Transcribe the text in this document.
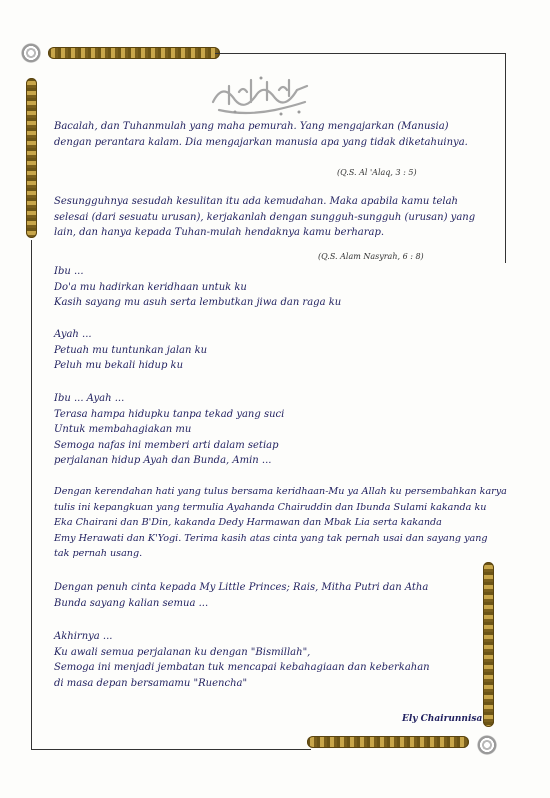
Bacalah, dan Tuhanmulah yang maha pemurah. Yang mengajarkan (Manusia)
dengan perantara kalam. Dia mengajarkan manusia apa yang tidak diketahuinya.

(Q.S. Al 'Alaq, 3 : 5)

Sesungguhnya sesudah kesulitan itu ada kemudahan. Maka apabila kamu telah
selesai (dari sesuatu urusan), kerjakanlah dengan sungguh-sungguh (urusan) yang
lain, dan hanya kepada Tuhan-mulah hendaknya kamu berharap.

(Q.S. Alam Nasyrah, 6 : 8)

Ibu ...
Do'a mu hadirkan keridhaan untuk ku
Kasih sayang mu asuh serta lembutkan jiwa dan raga ku

Ayah ...
Petuah mu tuntunkan jalan ku
Peluh mu bekali hidup ku

Ibu ... Ayah ...
Terasa hampa hidupku tanpa tekad yang suci
Untuk membahagiakan mu
Semoga nafas ini memberi arti dalam setiap
perjalanan hidup Ayah dan Bunda, Amin ...

Dengan kerendahan hati yang tulus bersama keridhaan-Mu ya Allah ku persembahkan karya
tulis ini kepangkuan yang termulia Ayahanda Chairuddin dan Ibunda Sulami kakanda ku
Eka Chairani dan B'Din, kakanda Dedy Harmawan dan Mbak Lia serta kakanda
Emy Herawati dan K'Yogi. Terima kasih atas cinta yang tak pernah usai dan sayang yang
tak pernah usang.

Dengan penuh cinta kepada My Little Princes; Rais, Mitha Putri dan Atha
Bunda sayang kalian semua ...

Akhirnya ...
Ku awali semua perjalanan ku dengan "Bismillah",
Semoga ini menjadi jembatan tuk mencapai kebahagiaan dan keberkahan
di masa depan bersamamu "Ruencha"

Ely Chairunnisa
